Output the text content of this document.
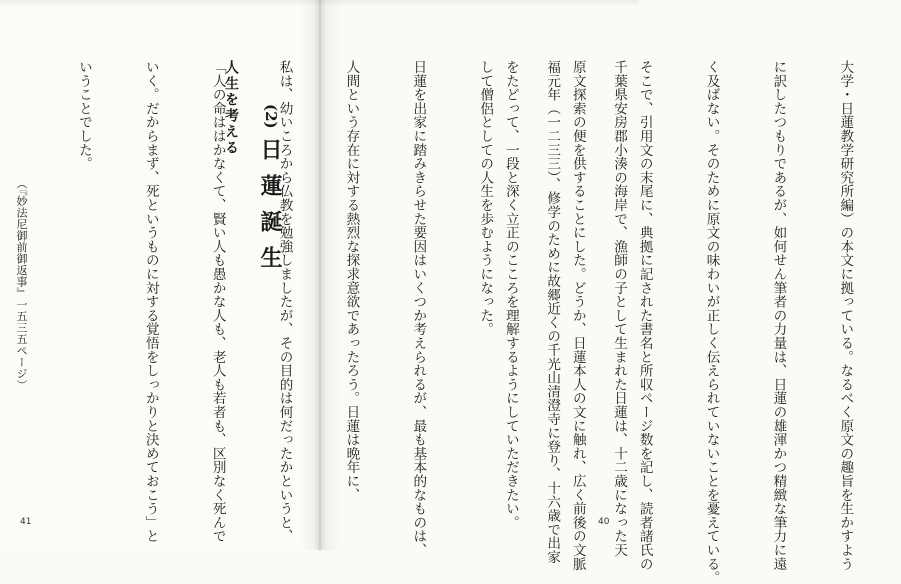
大学・日蓮教学研究所編）の本文に拠っている。なるべく原文の趣旨を生かすよう

に訳したつもりであるが、如何せん筆者の力量は、日蓮の雄渾かつ精緻な筆力に遠

く及ばない。そのために原文の味わいが正しく伝えられていないことを憂えている。

そこで、引用文の末尾に、典拠に記された書名と所収ページ数を記し、読者諸氏の

原文探索の便を供することにした。どうか、日蓮本人の文に触れ、広く前後の文脈

をたどって、一段と深く立正のこころを理解するようにしていただきたい。

(2)
日蓮誕生
人生を考える

	千葉県安房郡小湊の海岸で、漁師の子として生まれた日蓮は、十二歳になった天

福元年（一二三三）、修学のために故郷近くの千光山清澄寺に登り、十六歳で出家

して僧侶としての人生を歩むようになった。

日蓮を出家に踏みきらせた要因はいくつか考えられるが、最も基本的なものは、

人間という存在に対する熱烈な探求意欲であったろう。日蓮は晩年に、

私は、幼いころから仏教を勉強しましたが、その目的は何だったかというと、

「人の命ははかなくて、賢い人も愚かな人も、老人も若者も、区別なく死んで

いく。だからまず、死というものに対する覚悟をしっかりと決めておこう」と

いうことでした。

（『妙法尼御前御返事』一五三五ページ）
41	40
